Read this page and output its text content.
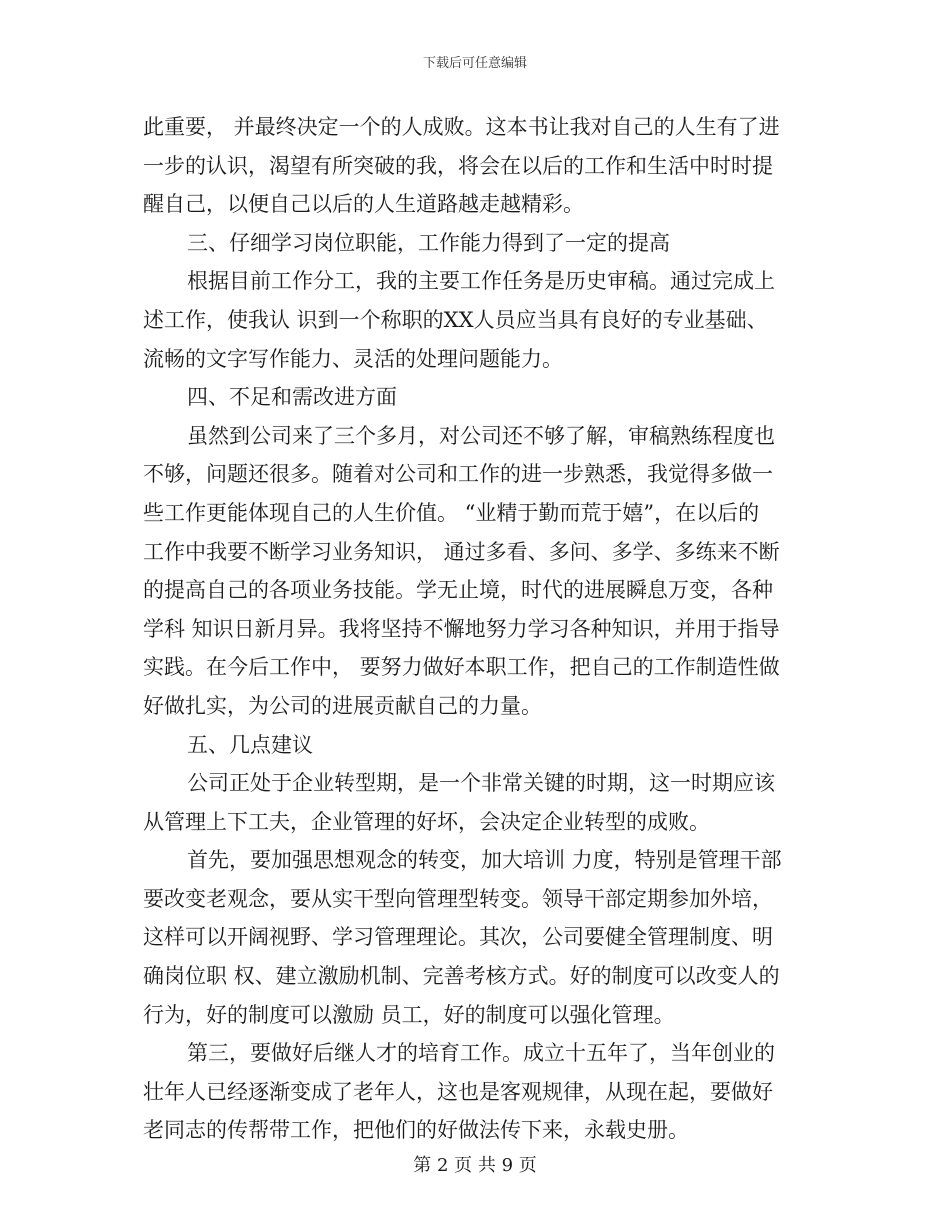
下载后可任意编辑
此重要， 并最终决定一个的人成败。这本书让我对自己的人生有了进
一步的认识，渴望有所突破的我，将会在以后的工作和生活中时时提
醒自己，以便自己以后的人生道路越走越精彩。
三、仔细学习岗位职能，工作能力得到了一定的提高
根据目前工作分工，我的主要工作任务是历史审稿。通过完成上
述工作，使我认 识到一个称职的XX人员应当具有良好的专业基础、
流畅的文字写作能力、灵活的处理问题能力。
四、不足和需改进方面
虽然到公司来了三个多月，对公司还不够了解，审稿熟练程度也
不够，问题还很多。随着对公司和工作的进一步熟悉，我觉得多做一
些工作更能体现自己的人生价值。 “业精于勤而荒于嬉”，在以后的
工作中我要不断学习业务知识， 通过多看、多问、多学、多练来不断
的提高自己的各项业务技能。学无止境，时代的进展瞬息万变，各种
学科 知识日新月异。我将坚持不懈地努力学习各种知识，并用于指导
实践。在今后工作中， 要努力做好本职工作，把自己的工作制造性做
好做扎实，为公司的进展贡献自己的力量。
五、几点建议
公司正处于企业转型期，是一个非常关键的时期，这一时期应该
从管理上下工夫，企业管理的好坏，会决定企业转型的成败。
首先，要加强思想观念的转变，加大培训 力度，特别是管理干部
要改变老观念，要从实干型向管理型转变。领导干部定期参加外培，
这样可以开阔视野、学习管理理论。其次，公司要健全管理制度、明
确岗位职 权、建立激励机制、完善考核方式。好的制度可以改变人的
行为，好的制度可以激励 员工，好的制度可以强化管理。
第三，要做好后继人才的培育工作。成立十五年了，当年创业的
壮年人已经逐渐变成了老年人，这也是客观规律，从现在起，要做好
老同志的传帮带工作，把他们的好做法传下来，永载史册。
第 2 页 共 9 页
